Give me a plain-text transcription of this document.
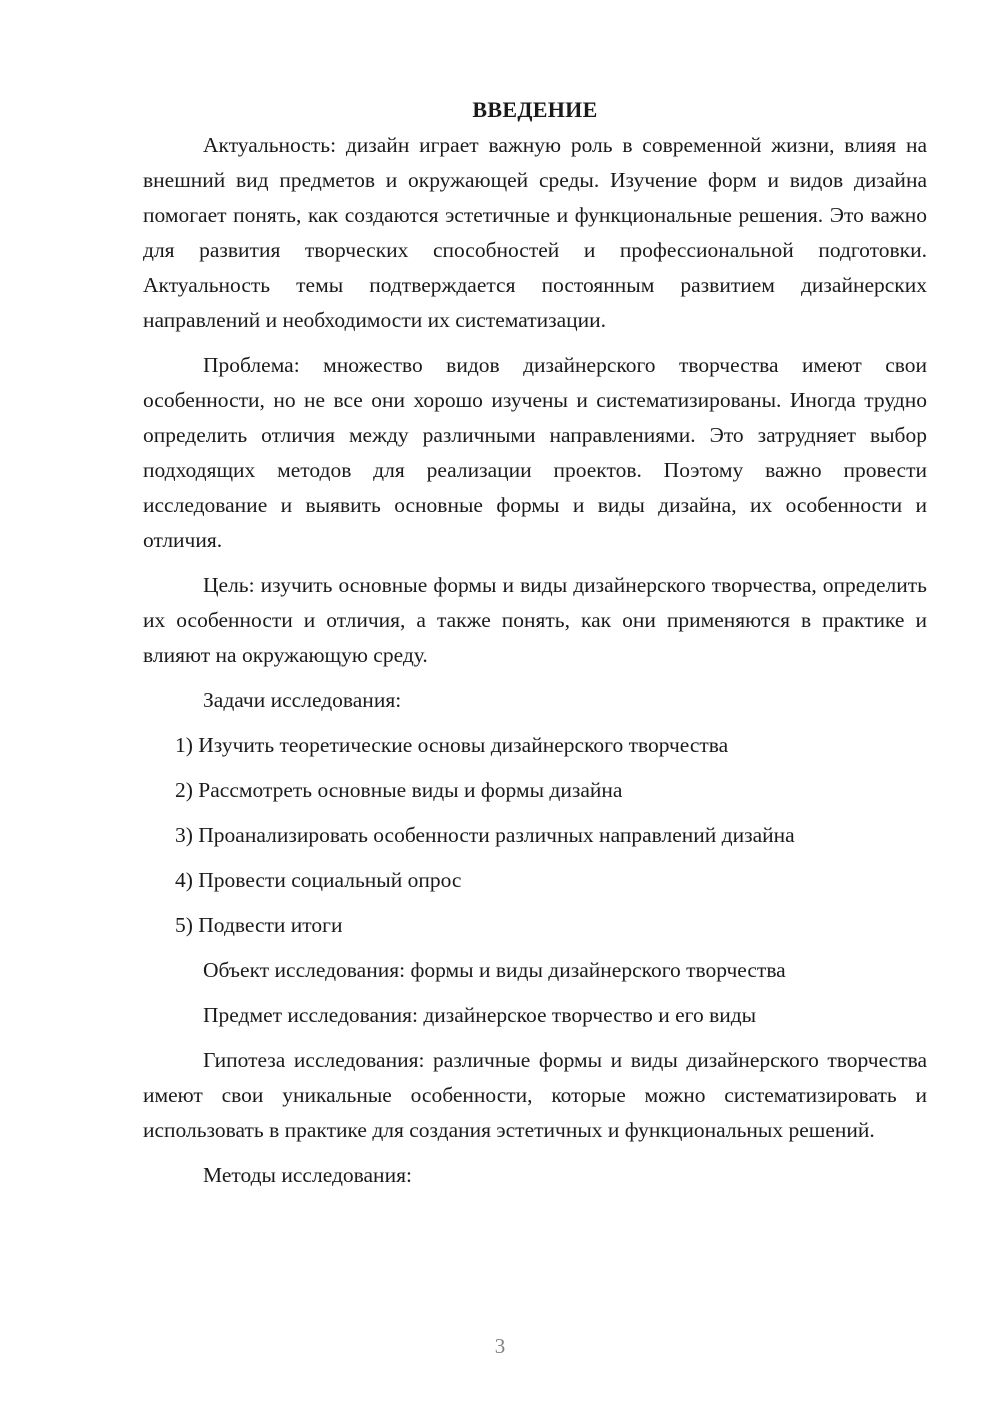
ВВЕДЕНИЕ

Актуальность: дизайн играет важную роль в современной жизни, влияя на внешний вид предметов и окружающей среды. Изучение форм и видов дизайна помогает понять, как создаются эстетичные и функциональные решения. Это важно для развития творческих способностей и профессиональной подготовки. Актуальность темы подтверждается постоянным развитием дизайнерских направлений и необходимости их систематизации.

Проблема: множество видов дизайнерского творчества имеют свои особенности, но не все они хорошо изучены и систематизированы. Иногда трудно определить отличия между различными направлениями. Это затрудняет выбор подходящих методов для реализации проектов. Поэтому важно провести исследование и выявить основные формы и виды дизайна, их особенности и отличия.

Цель: изучить основные формы и виды дизайнерского творчества, определить их особенности и отличия, а также понять, как они применяются в практике и влияют на окружающую среду.

Задачи исследования:

1) Изучить теоретические основы дизайнерского творчества

2) Рассмотреть основные виды и формы дизайна

3) Проанализировать особенности различных направлений дизайна

4) Провести социальный опрос

5) Подвести итоги

Объект исследования: формы и виды дизайнерского творчества

Предмет исследования: дизайнерское творчество и его виды

Гипотеза исследования: различные формы и виды дизайнерского творчества имеют свои уникальные особенности, которые можно систематизировать и использовать в практике для создания эстетичных и функциональных решений.

Методы исследования:

3
